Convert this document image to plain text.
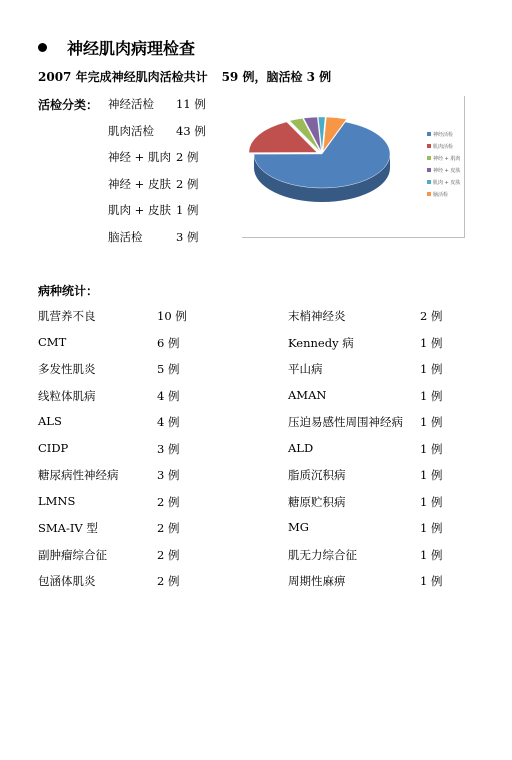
神经肌肉病理检查
2007 年完成神经肌肉活检共计 59 例，脑活检 3 例
活检分类： 神经活检	11 例
肌肉活检	43 例
神经 + 肌肉 2 例
神经 + 皮肤 2 例
肌肉 + 皮肤 1 例
脑活检	3 例
神经活检
肌肉活检
神经 + 肌肉
神经 + 皮肤
肌肉 + 皮肤
脑活检
病种统计：
肌营养不良	10 例
CMT	6 例
多发性肌炎	5 例
线粒体肌病	4 例
ALS	4 例
CIDP	3 例
糖尿病性神经病	3 例
LMNS	2 例
SMA-IV 型	2 例
副肿瘤综合征	2 例
包涵体肌炎	2 例
末梢神经炎	2 例
Kennedy 病	1 例
平山病	1 例
AMAN	1 例
压迫易感性周围神经病 1 例
ALD	1 例
脂质沉积病	1 例
糖原贮积病	1 例
MG	1 例
肌无力综合征	1 例
周期性麻痹	1 例
